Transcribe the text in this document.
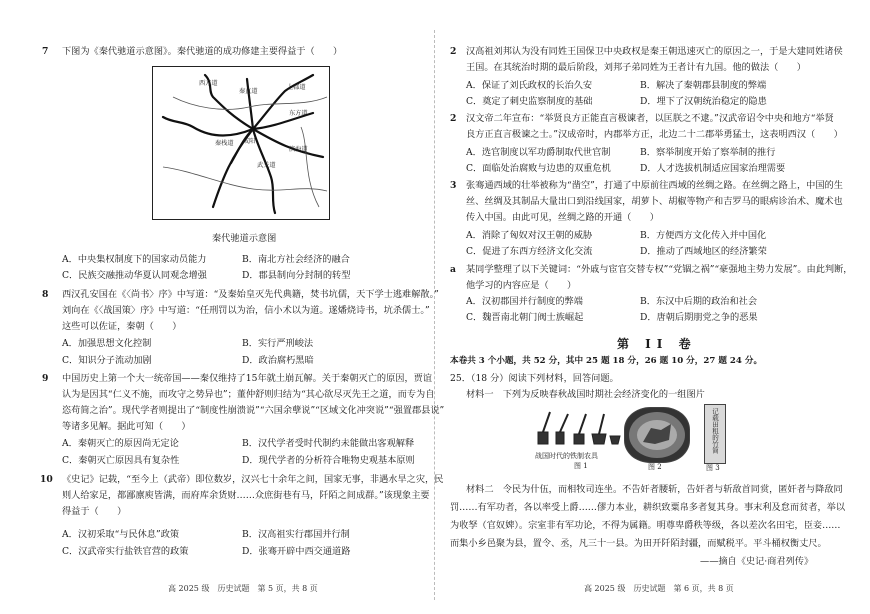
7 下图为《秦代驰道示意图》。秦代驰道的成功修建主要得益于（　　）
西方道
秦直道
上郡道
东方道
滨海道
成阳
秦栈道
武关道
秦代驰道示意图
A．中央集权制度下的国家动员能力	B．南北方社会经济的融合
C．民族交融推动华夏认同观念增强	D．郡县制向分封制的转型
8 西汉孔安国在《〈尚书〉序》中写道：“及秦始皇灭先代典籍，焚书坑儒，天下学士逃难解散。”
刘向在《〈战国策〉序》中写道：“任刑罚以为治，信小术以为道。遂燔烧诗书，坑杀儒士。”
这些可以佐证，秦朝（　　）
A．加强思想文化控制	B．实行严刑峻法
C．知识分子流动加剧	D．政治腐朽黑暗
9 中国历史上第一个大一统帝国——秦仅维持了15年就土崩瓦解。关于秦朝灭亡的原因，贾谊
认为是因其“仁义不施，而攻守之势异也”；董仲舒则归结为“其心欲尽灭先王之道，而专为自
恣苟简之治”。现代学者则提出了“制度性崩溃说”“六国余孽说”“区域文化冲突说”“强置郡县说”
等诸多见解。据此可知（　　）
A．秦朝灭亡的原因尚无定论	B．汉代学者受时代制约未能做出客观解释
C．秦朝灭亡原因具有复杂性	D．现代学者的分析符合唯物史观基本原则
10 《史记》记载，“至今上（武帝）即位数岁，汉兴七十余年之间，国家无事，非遇水旱之灾，民
则人给家足，都鄙廪庾皆满，而府库余货财……众庶街巷有马，阡陌之间成群。”该现象主要
得益于（　　）
A．汉初采取“与民休息”政策	B．汉高祖实行郡国并行制
C．汉武帝实行盐铁官营的政策	D．张骞开辟中西交通道路
高 2025 级　历史试题　第 5 页，共 8 页
2 汉高祖刘邦认为没有同姓王国保卫中央政权是秦王朝迅速灭亡的原因之一，于是大建同姓诸侯
王国。在其统治时期的最后阶段，刘邦子弟同姓为王者计有九国。他的做法（　　）
A．保证了刘氏政权的长治久安	B．解决了秦朝郡县制度的弊端
C．奠定了刺史监察制度的基础	D．埋下了汉朝统治稳定的隐患
2 汉文帝二年宣布：“举贤良方正能直言极谏者，以匡朕之不逮。”汉武帝诏令中央和地方“举贤
良方正直言极谏之士。”汉成帝时，内郡举方正，北边二十二郡举勇猛士，这表明西汉（　　）
A．选官制度以军功爵制取代世官制	B．察举制度开始了察举制的推行
C．面临处治腐败与边患的双重危机	D．人才选拔机制适应国家治理需要
3 张骞通西域的壮举被称为“凿空”，打通了中原前往西域的丝绸之路。在丝绸之路上，中国的生
丝、丝绸及其制品大量出口到沿线国家，胡萝卜、胡椒等物产和吉罗马的眼病诊治术、魔术也
传入中国。由此可见，丝绸之路的开通（　　）
A．消除了匈奴对汉王朝的威胁	B．方便西方文化传入并中国化
C．促进了东西方经济文化交流	D．推动了西域地区的经济繁荣
a 某同学整理了以下关键词：“外戚与宦官交替专权”“党锢之祸”“豪强地主势力发展”。由此判断，
他学习的内容应是（　　）
A．汉初郡国并行制度的弊端	B．东汉中后期的政治和社会
C．魏晋南北朝门阀士族崛起	D．唐朝后期朋党之争的恶果
第 II 卷
本卷共 3 个小题，共 52 分，其中 25 题 18 分，26 题 10 分，27 题 24 分。
25．（18 分）阅读下列材料，回答问题。
材料一　下列为反映春秋战国时期社会经济变化的一组图片
战国时代的铁制农具
图 1	图 2
记载田租的竹简
图 3
材料二　令民为什伍，而相牧司连坐。不告奸者腰斩，告奸者与斩敌首同赏，匿奸者与降敌同
罚……有军功者，各以率受上爵……僇力本业，耕织致粟帛多者复其身。事末利及怠而贫者，举以
为收孥（官奴婢）。宗室非有军功论，不得为属籍。明尊卑爵秩等级，各以差次名田宅，臣妾……
而集小乡邑聚为县，置令、丞，凡三十一县。为田开阡陌封疆，而赋税平。平斗桶权衡丈尺。
——摘自《史记·商君列传》
高 2025 级　历史试题　第 6 页，共 8 页
